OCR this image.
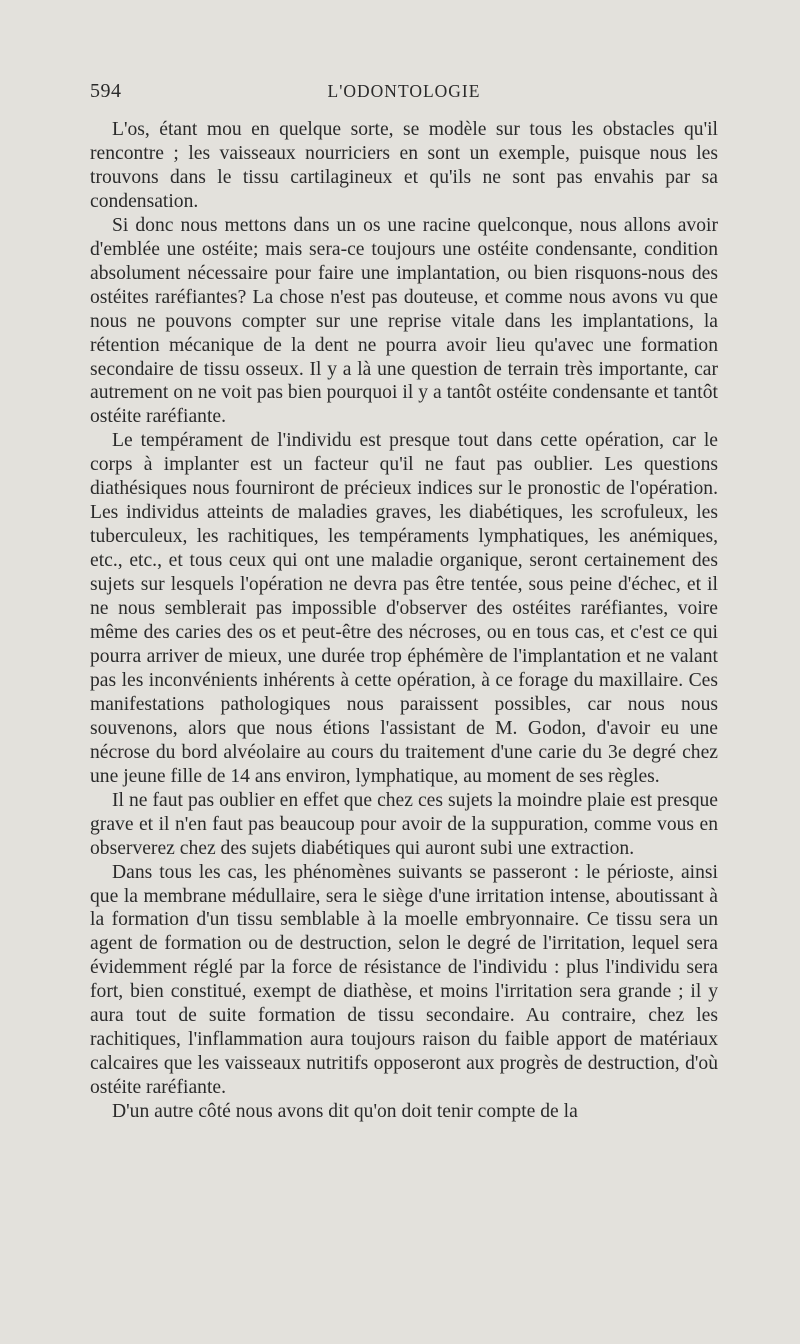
594	L'ODONTOLOGIE

L'os, étant mou en quelque sorte, se modèle sur tous les obstacles qu'il rencontre ; les vaisseaux nourriciers en sont un exemple, puisque nous les trouvons dans le tissu cartilagineux et qu'ils ne sont pas envahis par sa condensation.

Si donc nous mettons dans un os une racine quelconque, nous allons avoir d'emblée une ostéite; mais sera-ce toujours une ostéite condensante, condition absolument nécessaire pour faire une implantation, ou bien risquons-nous des ostéites raréfiantes? La chose n'est pas douteuse, et comme nous avons vu que nous ne pouvons compter sur une reprise vitale dans les implantations, la rétention mécanique de la dent ne pourra avoir lieu qu'avec une formation secondaire de tissu osseux. Il y a là une question de terrain très importante, car autrement on ne voit pas bien pourquoi il y a tantôt ostéite condensante et tantôt ostéite raréfiante.

Le tempérament de l'individu est presque tout dans cette opération, car le corps à implanter est un facteur qu'il ne faut pas oublier. Les questions diathésiques nous fourniront de précieux indices sur le pronostic de l'opération. Les individus atteints de maladies graves, les diabétiques, les scrofuleux, les tuberculeux, les rachitiques, les tempéraments lymphatiques, les anémiques, etc., etc., et tous ceux qui ont une maladie organique, seront certainement des sujets sur lesquels l'opération ne devra pas être tentée, sous peine d'échec, et il ne nous semblerait pas impossible d'observer des ostéites raréfiantes, voire même des caries des os et peut-être des nécroses, ou en tous cas, et c'est ce qui pourra arriver de mieux, une durée trop éphémère de l'implantation et ne valant pas les inconvénients inhérents à cette opération, à ce forage du maxillaire. Ces manifestations pathologiques nous paraissent possibles, car nous nous souvenons, alors que nous étions l'assistant de M. Godon, d'avoir eu une nécrose du bord alvéolaire au cours du traitement d'une carie du 3e degré chez une jeune fille de 14 ans environ, lymphatique, au moment de ses règles.

Il ne faut pas oublier en effet que chez ces sujets la moindre plaie est presque grave et il n'en faut pas beaucoup pour avoir de la suppuration, comme vous en observerez chez des sujets diabétiques qui auront subi une extraction.

Dans tous les cas, les phénomènes suivants se passeront : le périoste, ainsi que la membrane médullaire, sera le siège d'une irritation intense, aboutissant à la formation d'un tissu semblable à la moelle embryonnaire. Ce tissu sera un agent de formation ou de destruction, selon le degré de l'irritation, lequel sera évidemment réglé par la force de résistance de l'individu : plus l'individu sera fort, bien constitué, exempt de diathèse, et moins l'irritation sera grande ; il y aura tout de suite formation de tissu secondaire. Au contraire, chez les rachitiques, l'inflammation aura toujours raison du faible apport de matériaux calcaires que les vaisseaux nutritifs opposeront aux progrès de destruction, d'où ostéite raréfiante.

D'un autre côté nous avons dit qu'on doit tenir compte de la
